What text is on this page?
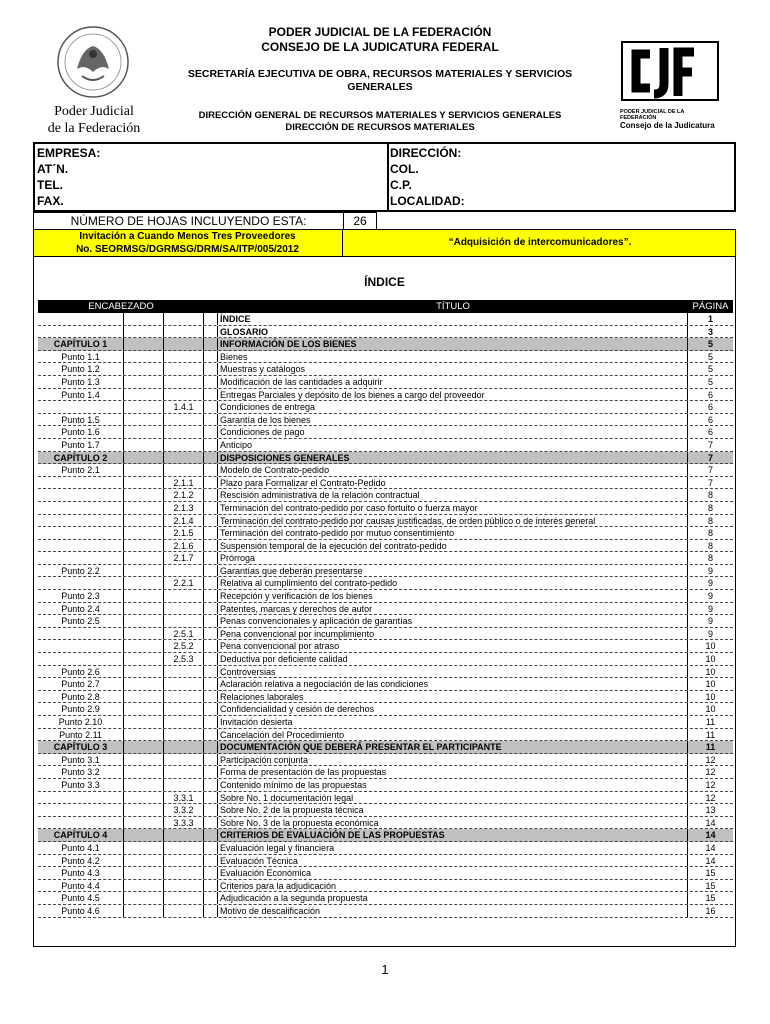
Poder Judicial
de la Federación
PODER JUDICIAL DE LA FEDERACIÓN
CONSEJO DE LA JUDICATURA FEDERAL
SECRETARÍA EJECUTIVA DE OBRA, RECURSOS MATERIALES Y SERVICIOS GENERALES
DIRECCIÓN GENERAL DE RECURSOS MATERIALES Y SERVICIOS GENERALES
DIRECCIÓN DE RECURSOS MATERIALES
PODER JUDICIAL DE LA FEDERACIÓN
Consejo de la Judicatura
EMPRESA:
AT´N.
TEL.
FAX.
DIRECCIÓN:
COL.
C.P.
LOCALIDAD:
NÚMERO DE HOJAS INCLUYENDO ESTA:	26
Invitación a Cuando Menos Tres Proveedores
No. SEORMSG/DGRMSG/DRM/SA/ITP/005/2012
“Adquisición de intercomunicadores”.
ÍNDICE
ENCABEZADO	TÍTULO	PÁGINA
ÍNDICE	1
GLOSARIO	3
CAPÍTULO 1	INFORMACIÓN DE LOS BIENES	5
Punto 1.1	Bienes	5
Punto 1.2	Muestras y catálogos	5
Punto 1.3	Modificación de las cantidades a adquirir	5
Punto 1.4	Entregas Parciales y depósito de los bienes a cargo del proveedor	6
1.4.1	Condiciones de entrega	6
Punto 1.5	Garantía de los bienes	6
Punto 1.6	Condiciones de pago	6
Punto 1.7	Anticipo	7
CAPÍTULO 2	DISPOSICIONES GENERALES	7
Punto 2.1	Modelo de Contrato-pedido	7
2.1.1	Plazo para Formalizar el Contrato-Pedido	7
2.1.2	Rescisión administrativa de la relación contractual	8
2.1.3	Terminación del contrato-pedido por caso fortuito o fuerza mayor	8
2.1.4	Terminación del contrato-pedido por causas justificadas, de orden público o de interés general	8
2.1.5	Terminación del contrato-pedido por mutuo consentimiento	8
2.1.6	Suspensión temporal de la ejecución del contrato-pedido	8
2.1.7	Prórroga	8
Punto 2.2	Garantías que deberán presentarse	9
2.2.1	Relativa al cumplimiento del contrato-pedido	9
Punto 2.3	Recepción y verificación de los bienes	9
Punto 2.4	Patentes, marcas y derechos de autor	9
Punto 2.5	Penas convencionales y aplicación de garantías	9
2.5.1	Pena convencional por incumplimiento	9
2.5.2	Pena convencional por atraso	10
2.5.3	Deductiva por deficiente calidad	10
Punto 2.6	Controversias	10
Punto 2.7	Aclaración relativa a negociación de las condiciones	10
Punto 2.8	Relaciones laborales	10
Punto 2.9	Confidencialidad y cesión de derechos	10
Punto 2.10	Invitación desierta	11
Punto 2.11	Cancelación del Procedimiento	11
CAPÍTULO 3	DOCUMENTACIÓN QUE DEBERÁ PRESENTAR EL PARTICIPANTE	11
Punto 3.1	Participación conjunta	12
Punto 3.2	Forma de presentación de las propuestas	12
Punto 3.3	Contenido mínimo de las propuestas	12
3.3.1	Sobre No. 1 documentación legal	12
3.3.2	Sobre No. 2 de la propuesta técnica	13
3.3.3	Sobre No. 3 de la propuesta económica	14
CAPÍTULO 4	CRITERIOS DE EVALUACIÓN DE LAS PROPUESTAS	14
Punto 4.1	Evaluación legal y financiera	14
Punto 4.2	Evaluación Técnica	14
Punto 4.3	Evaluación Económica	15
Punto 4.4	Criterios para la adjudicación	15
Punto 4.5	Adjudicación a la segunda propuesta	15
Punto 4.6	Motivo de descalificación	16
1
